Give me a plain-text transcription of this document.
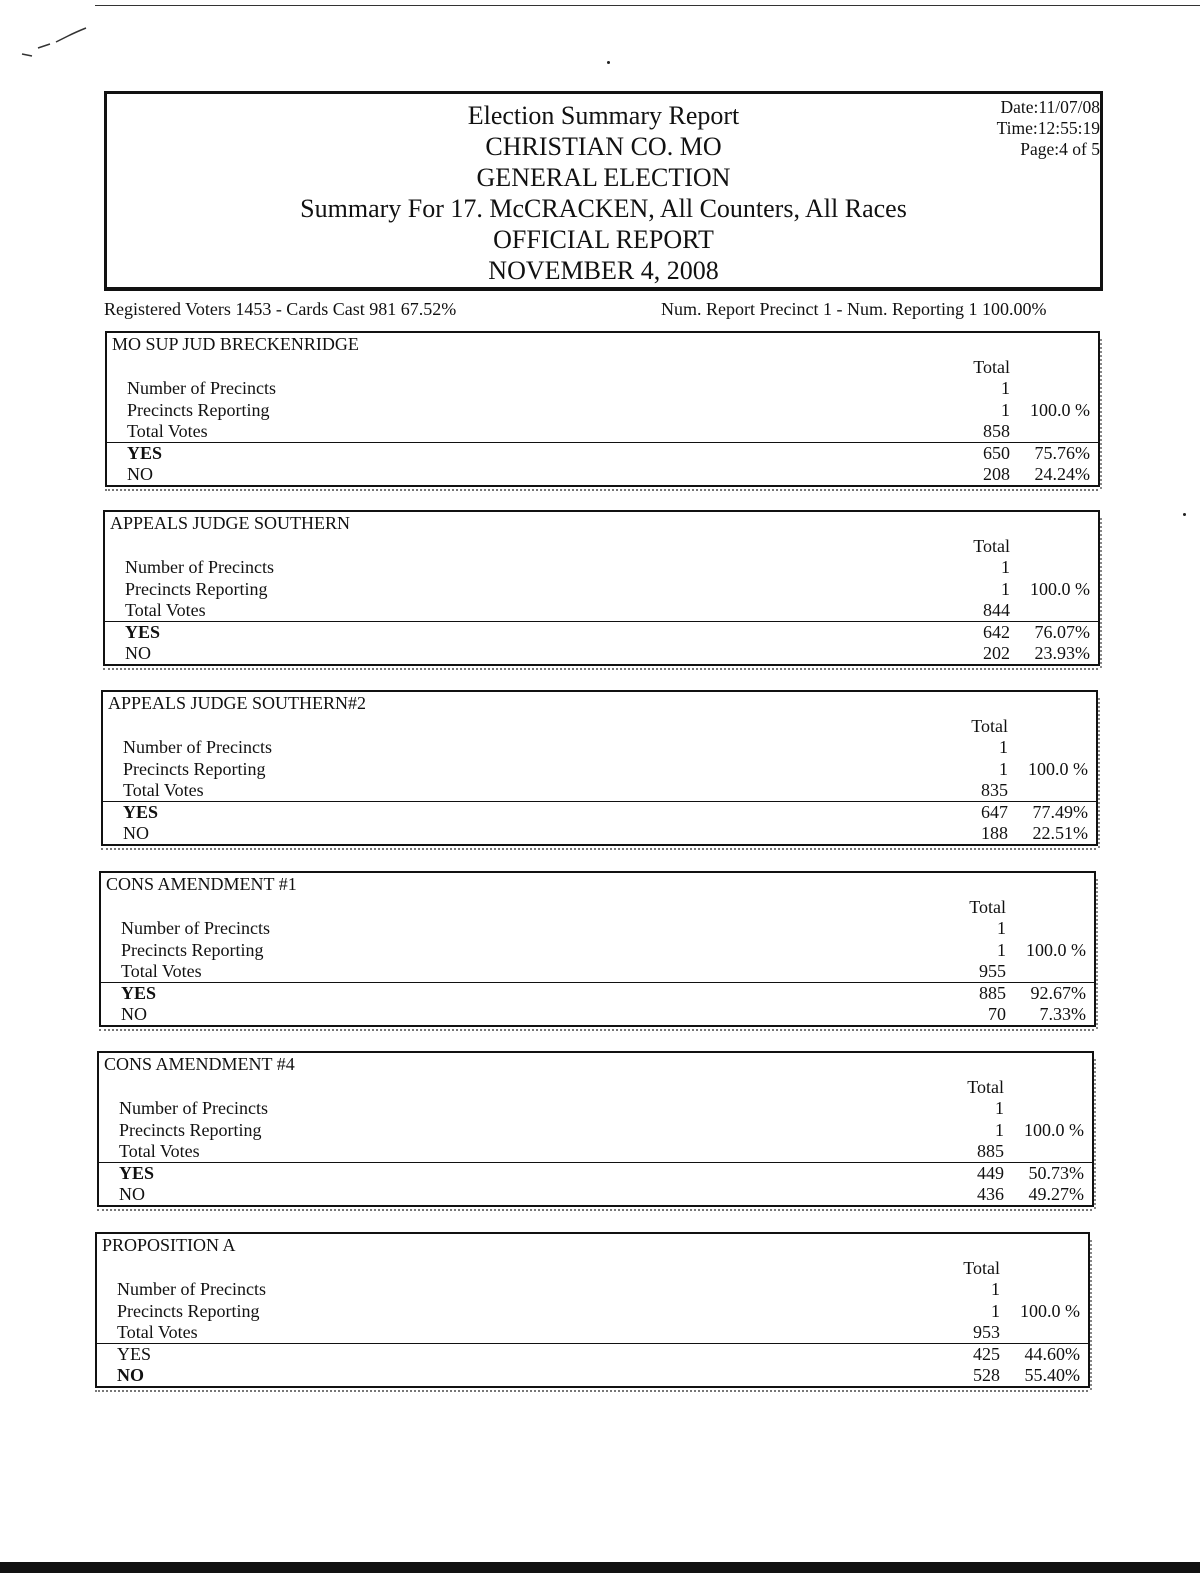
Election Summary Report
CHRISTIAN CO. MO
GENERAL ELECTION
Summary For 17. McCRACKEN, All Counters, All Races
OFFICIAL REPORT
NOVEMBER 4, 2008
Date:11/07/08
Time:12:55:19
Page:4 of 5
Registered Voters 1453 - Cards Cast 981 67.52%	Num. Report Precinct 1 - Num. Reporting 1 100.00%
MO SUP JUD BRECKENRIDGE
Total
Number of Precincts	1
Precincts Reporting	1 100.0 %
Total Votes	858
YES	650 75.76%
NO	208 24.24%
APPEALS JUDGE SOUTHERN
Total
Number of Precincts	1
Precincts Reporting	1 100.0 %
Total Votes	844
YES	642 76.07%
NO	202 23.93%
APPEALS JUDGE SOUTHERN#2
Total
Number of Precincts	1
Precincts Reporting	1 100.0 %
Total Votes	835
YES	647 77.49%
NO	188 22.51%
CONS AMENDMENT #1
Total
Number of Precincts	1
Precincts Reporting	1 100.0 %
Total Votes	955
YES	885 92.67%
NO	70 7.33%
CONS AMENDMENT #4
Total
Number of Precincts	1
Precincts Reporting	1 100.0 %
Total Votes	885
YES	449 50.73%
NO	436 49.27%
PROPOSITION A
Total
Number of Precincts	1
Precincts Reporting	1 100.0 %
Total Votes	953
YES	425 44.60%
NO	528 55.40%
